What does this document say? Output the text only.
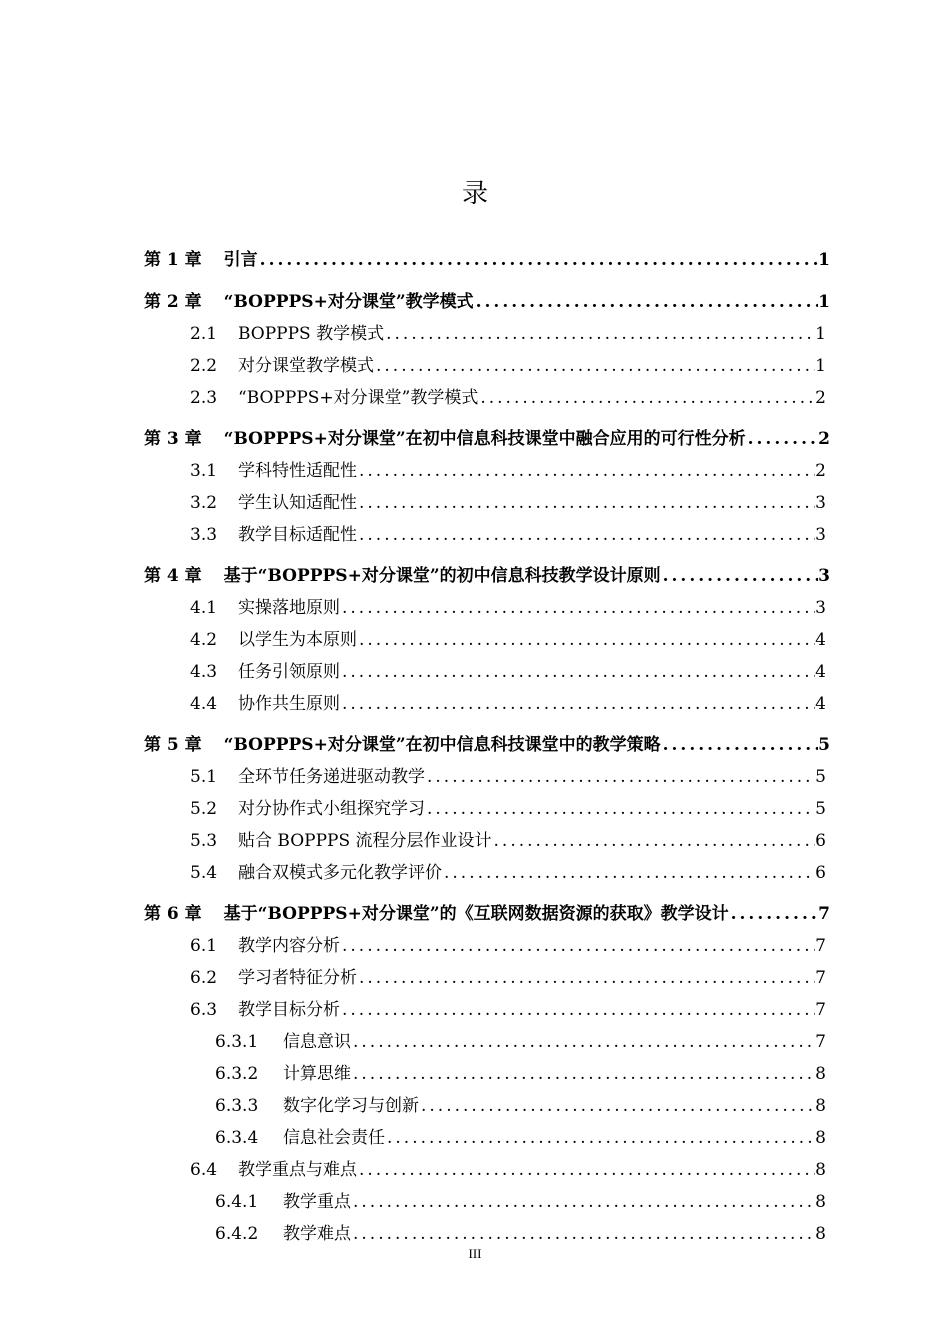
录
第 1 章 引言 .....	1
第 2 章 “BOPPPS+对分课堂”教学模式 .....	1
2.1	BOPPPS 教学模式 .....	1
2.2	对分课堂教学模式 .....	1
2.3	“BOPPPS+对分课堂”教学模式 .....	2
第 3 章 “BOPPPS+对分课堂”在初中信息科技课堂中融合应用的可行性分析 .....	2
3.1	学科特性适配性 .....	2
3.2	学生认知适配性 .....	3
3.3	教学目标适配性 .....	3
第 4 章 基于“BOPPPS+对分课堂”的初中信息科技教学设计原则 .....	3
4.1	实操落地原则 .....	3
4.2	以学生为本原则 .....	4
4.3	任务引领原则 .....	4
4.4	协作共生原则 .....	4
第 5 章 “BOPPPS+对分课堂”在初中信息科技课堂中的教学策略 .....	5
5.1	全环节任务递进驱动教学 .....	5
5.2	对分协作式小组探究学习 .....	5
5.3	贴合 BOPPPS 流程分层作业设计 .....	6
5.4	融合双模式多元化教学评价 .....	6
第 6 章 基于“BOPPPS+对分课堂”的《互联网数据资源的获取》教学设计 .....	7
6.1	教学内容分析 .....	7
6.2	学习者特征分析 .....	7
6.3	教学目标分析 .....	7
6.3.1	信息意识 .....	7
6.3.2	计算思维 .....	8
6.3.3	数字化学习与创新 .....	8
6.3.4	信息社会责任 .....	8
6.4	教学重点与难点 .....	8
6.4.1	教学重点 .....	8
6.4.2	教学难点 .....	8
III
